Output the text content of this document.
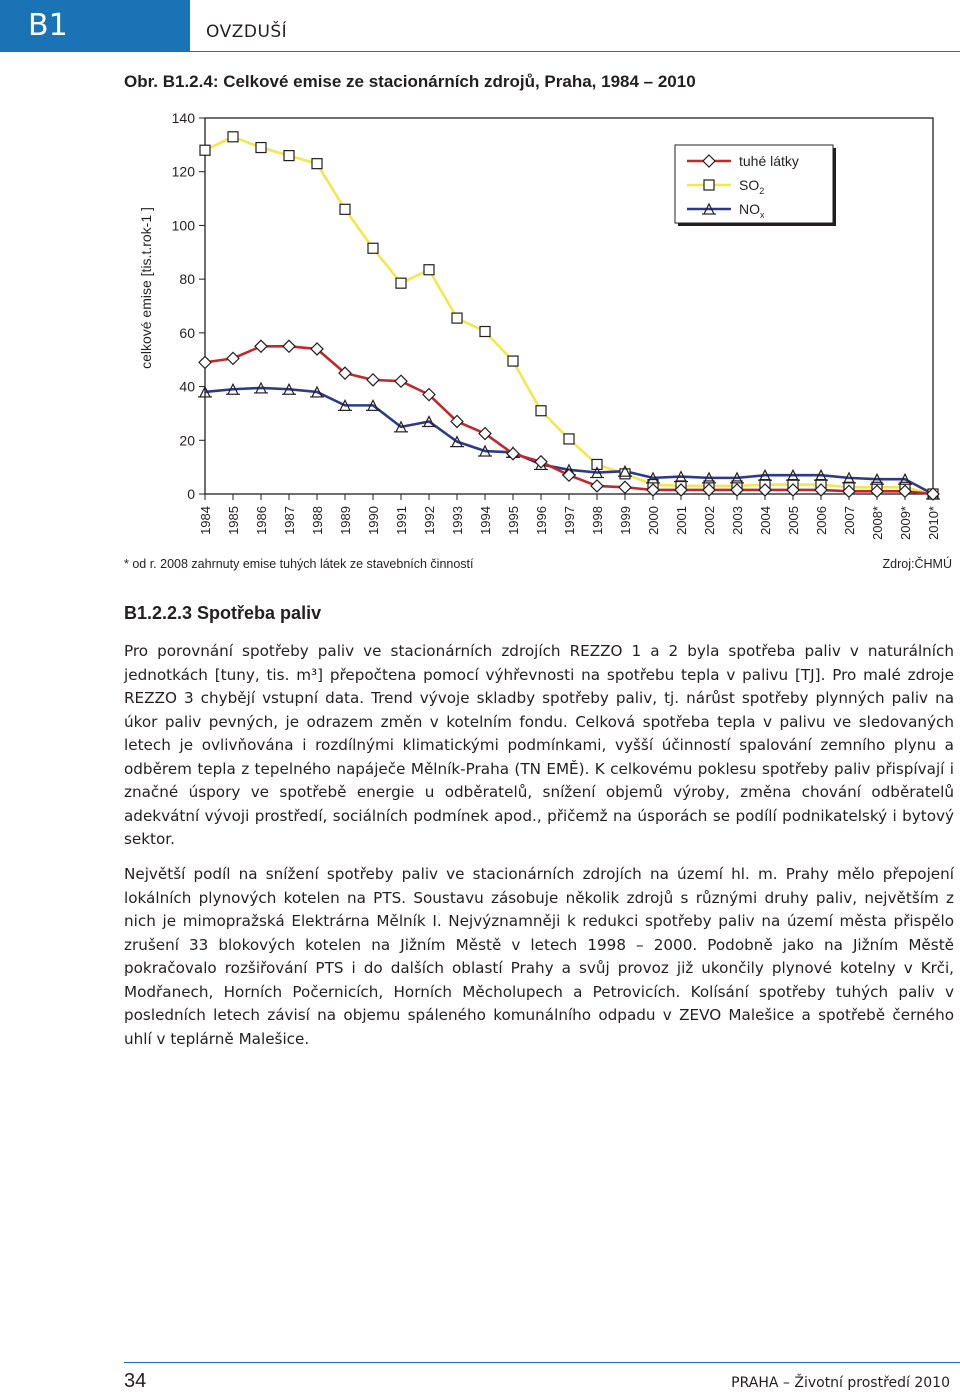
B1	OVZDUŠÍ
Obr. B1.2.4: Celkové emise ze stacionárních zdrojů, Praha, 1984 – 2010
0
20
40
60
80
100
120
140
1984 1985 1986 1987 1988 1989 1990 1991 1992 1993 1994 1995 1996 1997 1998 1999 2000 2001 2002 2003 2004 2005 2006 2007 2008* 2009* 2010*
tuhé látky
$SO_2$
$NO_x$
celkové emise [tis.t.rok-1 ]
* od r. 2008 zahrnuty emise tuhých látek ze stavebních činností	Zdroj:ČHMÚ
B1.2.2.3 Spotřeba paliv

Pro porovnání spotřeby paliv ve stacionárních zdrojích REZZO 1 a 2 byla spotřeba paliv v naturálních jednotkách [tuny, tis. m³] přepočtena pomocí výhřevnosti na spotřebu tepla v palivu [TJ]. Pro malé zdroje REZZO 3 chybějí vstupní data. Trend vývoje skladby spotřeby paliv, tj. nárůst spotřeby plynných paliv na úkor paliv pevných, je odrazem změn v kotelním fondu. Celková spotřeba tepla v palivu ve sledovaných letech je ovlivňována i rozdílnými klimatickými podmínkami, vyšší účinností spalování zemního plynu a odběrem tepla z tepelného napáječe Mělník-Praha (TN EMĚ). K celkovému poklesu spotřeby paliv přispívají i značné úspory ve spotřebě energie u odběratelů, snížení objemů výroby, změna chování odběratelů adekvátní vývoji prostředí, sociálních podmínek apod., přičemž na úsporách se podílí podnikatelský i bytový sektor.

Největší podíl na snížení spotřeby paliv ve stacionárních zdrojích na území hl. m. Prahy mělo přepojení lokálních plynových kotelen na PTS. Soustavu zásobuje několik zdrojů s různými druhy paliv, největším z nich je mimopražská Elektrárna Mělník I. Nejvýznamněji k redukci spotřeby paliv na území města přispělo zrušení 33 blokových kotelen na Jižním Městě v letech 1998 – 2000. Podobně jako na Jižním Městě pokračovalo rozšiřování PTS i do dalších oblastí Prahy a svůj provoz již ukončily plynové kotelny v Krči, Modřanech, Horních Počernicích, Horních Měcholupech a Petrovicích. Kolísání spotřeby tuhých paliv v posledních letech závisí na objemu spáleného komunálního odpadu v ZEVO Malešice a spotřebě černého uhlí v teplárně Malešice.

34	PRAHA – Životní prostředí 2010
